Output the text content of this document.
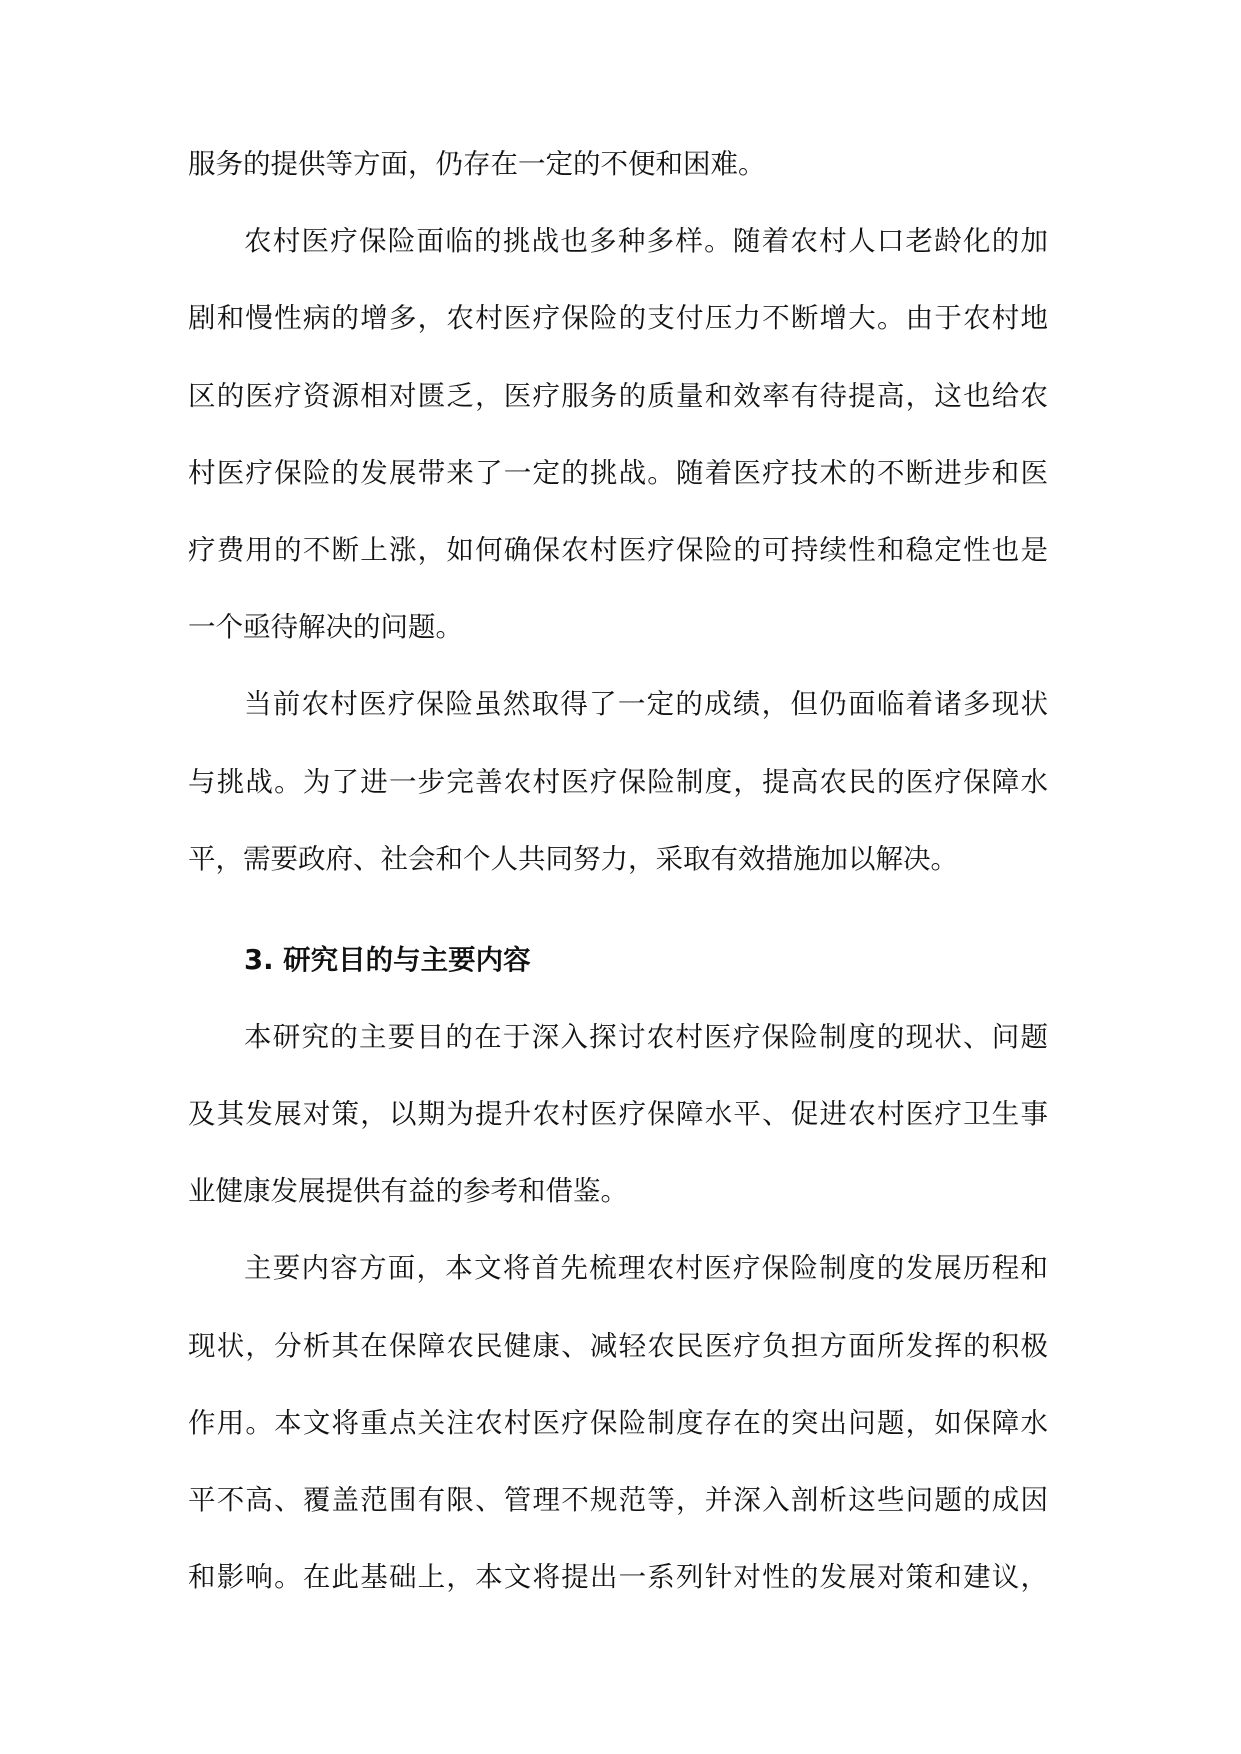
服务的提供等方面，仍存在一定的不便和困难。
农村医疗保险面临的挑战也多种多样。随着农村人口老龄化的加
剧和慢性病的增多，农村医疗保险的支付压力不断增大。由于农村地
区的医疗资源相对匮乏，医疗服务的质量和效率有待提高，这也给农
村医疗保险的发展带来了一定的挑战。随着医疗技术的不断进步和医
疗费用的不断上涨，如何确保农村医疗保险的可持续性和稳定性也是
一个亟待解决的问题。
当前农村医疗保险虽然取得了一定的成绩，但仍面临着诸多现状
与挑战。为了进一步完善农村医疗保险制度，提高农民的医疗保障水
平，需要政府、社会和个人共同努力，采取有效措施加以解决。
3. 研究目的与主要内容
本研究的主要目的在于深入探讨农村医疗保险制度的现状、问题
及其发展对策，以期为提升农村医疗保障水平、促进农村医疗卫生事
业健康发展提供有益的参考和借鉴。
主要内容方面，本文将首先梳理农村医疗保险制度的发展历程和
现状，分析其在保障农民健康、减轻农民医疗负担方面所发挥的积极
作用。本文将重点关注农村医疗保险制度存在的突出问题，如保障水
平不高、覆盖范围有限、管理不规范等，并深入剖析这些问题的成因
和影响。在此基础上，本文将提出一系列针对性的发展对策和建议，
